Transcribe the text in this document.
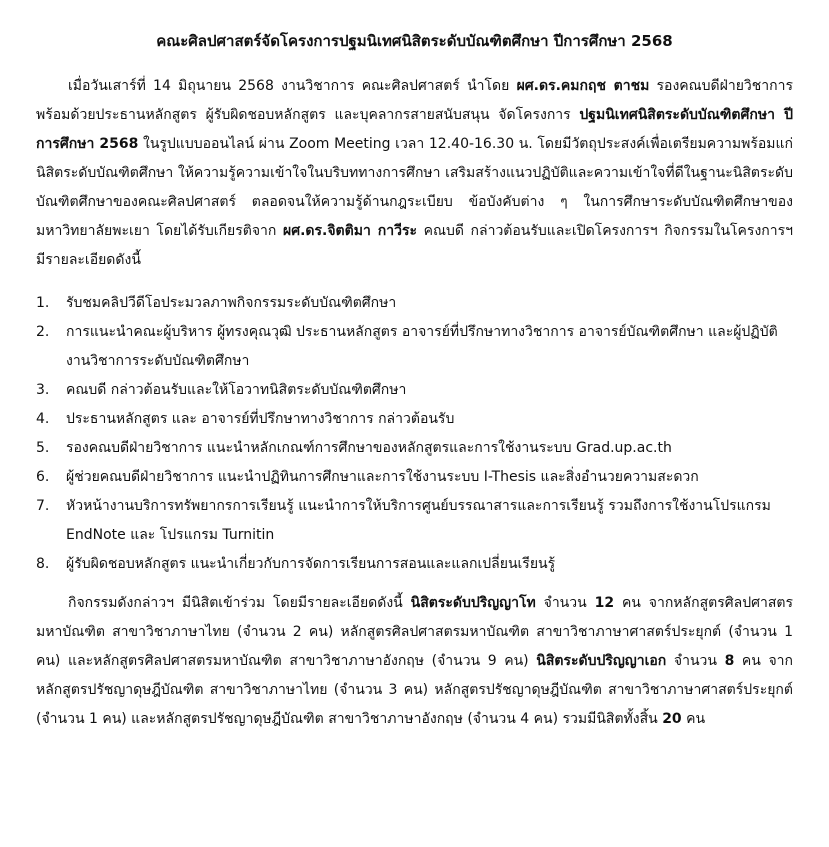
คณะศิลปศาสตร์จัดโครงการปฐมนิเทศนิสิตระดับบัณฑิตศึกษา ปีการศึกษา 2568

เมื่อวันเสาร์ที่ 14 มิถุนายน 2568 งานวิชาการ คณะศิลปศาสตร์ นำโดย ผศ.ดร.คมกฤช ตาชม รองคณบดีฝ่ายวิชาการ พร้อมด้วยประธานหลักสูตร ผู้รับผิดชอบหลักสูตร และบุคลากรสายสนับสนุน จัดโครงการ ปฐมนิเทศนิสิตระดับบัณฑิตศึกษา ปีการศึกษา 2568 ในรูปแบบออนไลน์ ผ่าน Zoom Meeting เวลา 12.40-16.30 น. โดยมีวัตถุประสงค์เพื่อเตรียมความพร้อมแก่นิสิตระดับบัณฑิตศึกษา ให้ความรู้ความเข้าใจในบริบททางการศึกษา เสริมสร้างแนวปฏิบัติและความเข้าใจที่ดีในฐานะนิสิตระดับบัณฑิตศึกษาของคณะศิลปศาสตร์ ตลอดจนให้ความรู้ด้านกฎระเบียบ ข้อบังคับต่าง ๆ ในการศึกษาระดับบัณฑิตศึกษาของมหาวิทยาลัยพะเยา โดยได้รับเกียรติจาก ผศ.ดร.จิตติมา กาวีระ คณบดี กล่าวต้อนรับและเปิดโครงการฯ กิจกรรมในโครงการฯ มีรายละเอียดดังนี้

1.	รับชมคลิปวีดีโอประมวลภาพกิจกรรมระดับบัณฑิตศึกษา
2.	การแนะนำคณะผู้บริหาร ผู้ทรงคุณวุฒิ ประธานหลักสูตร อาจารย์ที่ปรึกษาทางวิชาการ อาจารย์บัณฑิตศึกษา และผู้ปฏิบัติงานวิชาการระดับบัณฑิตศึกษา
3.	คณบดี กล่าวต้อนรับและให้โอวาทนิสิตระดับบัณฑิตศึกษา
4.	ประธานหลักสูตร และ อาจารย์ที่ปรึกษาทางวิชาการ กล่าวต้อนรับ
5.	รองคณบดีฝ่ายวิชาการ แนะนำหลักเกณฑ์การศึกษาของหลักสูตรและการใช้งานระบบ Grad.up.ac.th
6.	ผู้ช่วยคณบดีฝ่ายวิชาการ แนะนำปฏิทินการศึกษาและการใช้งานระบบ I-Thesis และสิ่งอำนวยความสะดวก
7.	หัวหน้างานบริการทรัพยากรการเรียนรู้ แนะนำการให้บริการศูนย์บรรณาสารและการเรียนรู้ รวมถึงการใช้งานโปรแกรม EndNote และ โปรแกรม Turnitin
8.	ผู้รับผิดชอบหลักสูตร แนะนำเกี่ยวกับการจัดการเรียนการสอนและแลกเปลี่ยนเรียนรู้

กิจกรรมดังกล่าวฯ มีนิสิตเข้าร่วม โดยมีรายละเอียดดังนี้ นิสิตระดับปริญญาโท จำนวน 12 คน จากหลักสูตรศิลปศาสตรมหาบัณฑิต สาขาวิชาภาษาไทย (จำนวน 2 คน) หลักสูตรศิลปศาสตรมหาบัณฑิต สาขาวิชาภาษาศาสตร์ประยุกต์ (จำนวน 1 คน) และหลักสูตรศิลปศาสตรมหาบัณฑิต สาขาวิชาภาษาอังกฤษ (จำนวน 9 คน) นิสิตระดับปริญญาเอก จำนวน 8 คน จากหลักสูตรปรัชญาดุษฎีบัณฑิต สาขาวิชาภาษาไทย (จำนวน 3 คน) หลักสูตรปรัชญาดุษฎีบัณฑิต สาขาวิชาภาษาศาสตร์ประยุกต์ (จำนวน 1 คน) และหลักสูตรปรัชญาดุษฎีบัณฑิต สาขาวิชาภาษาอังกฤษ (จำนวน 4 คน) รวมมีนิสิตทั้งสิ้น 20 คน
